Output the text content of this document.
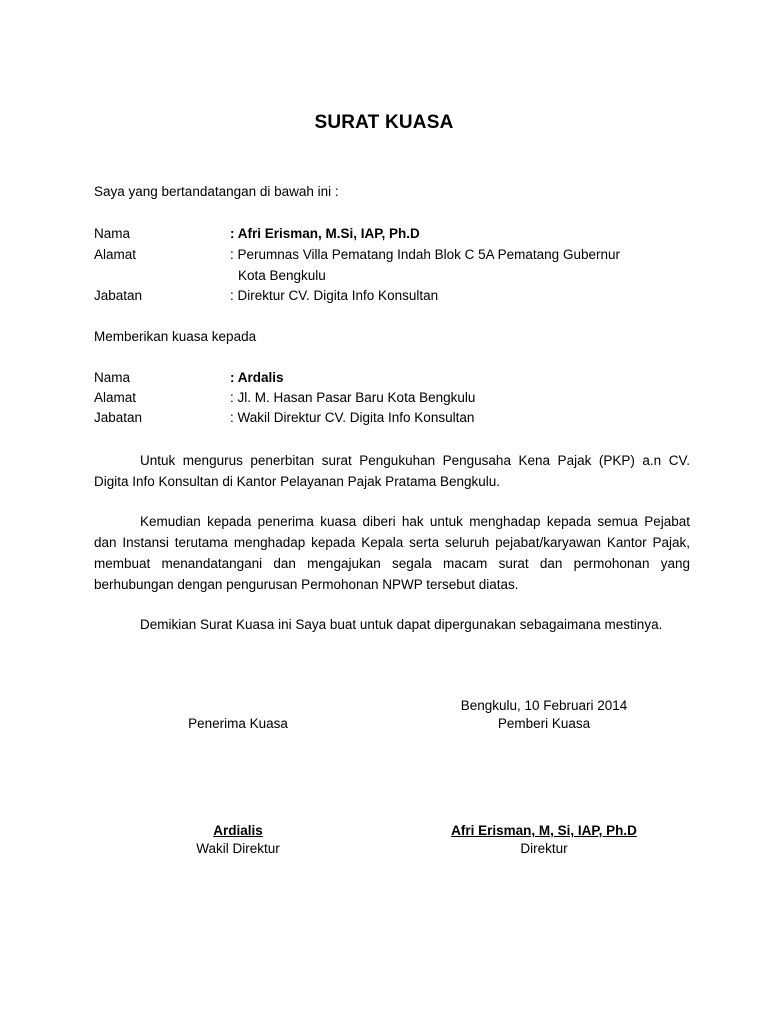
SURAT KUASA
Saya yang bertandatangan di bawah ini :
Nama	: Afri Erisman, M.Si, IAP, Ph.D
Alamat	: Perumnas Villa Pematang Indah Blok C 5A Pematang Gubernur
Kota Bengkulu
Jabatan	: Direktur CV. Digita Info Konsultan
Memberikan kuasa kepada
Nama	: Ardalis
Alamat	: Jl. M. Hasan Pasar Baru Kota Bengkulu
Jabatan	: Wakil Direktur CV. Digita Info Konsultan
Untuk mengurus penerbitan surat Pengukuhan Pengusaha Kena Pajak (PKP) a.n CV. Digita Info Konsultan di Kantor Pelayanan Pajak Pratama Bengkulu.
Kemudian kepada penerima kuasa diberi hak untuk menghadap kepada semua Pejabat dan Instansi terutama menghadap kepada Kepala serta seluruh pejabat/karyawan Kantor Pajak, membuat menandatangani dan mengajukan segala macam surat dan permohonan yang berhubungan dengan pengurusan Permohonan NPWP tersebut diatas.
Demikian Surat Kuasa ini Saya buat untuk dapat dipergunakan sebagaimana mestinya.
Bengkulu, 10 Februari 2014
Penerima Kuasa	Pemberi Kuasa
Ardialis	Afri Erisman, M, Si, IAP, Ph.D
Wakil Direktur	Direktur
